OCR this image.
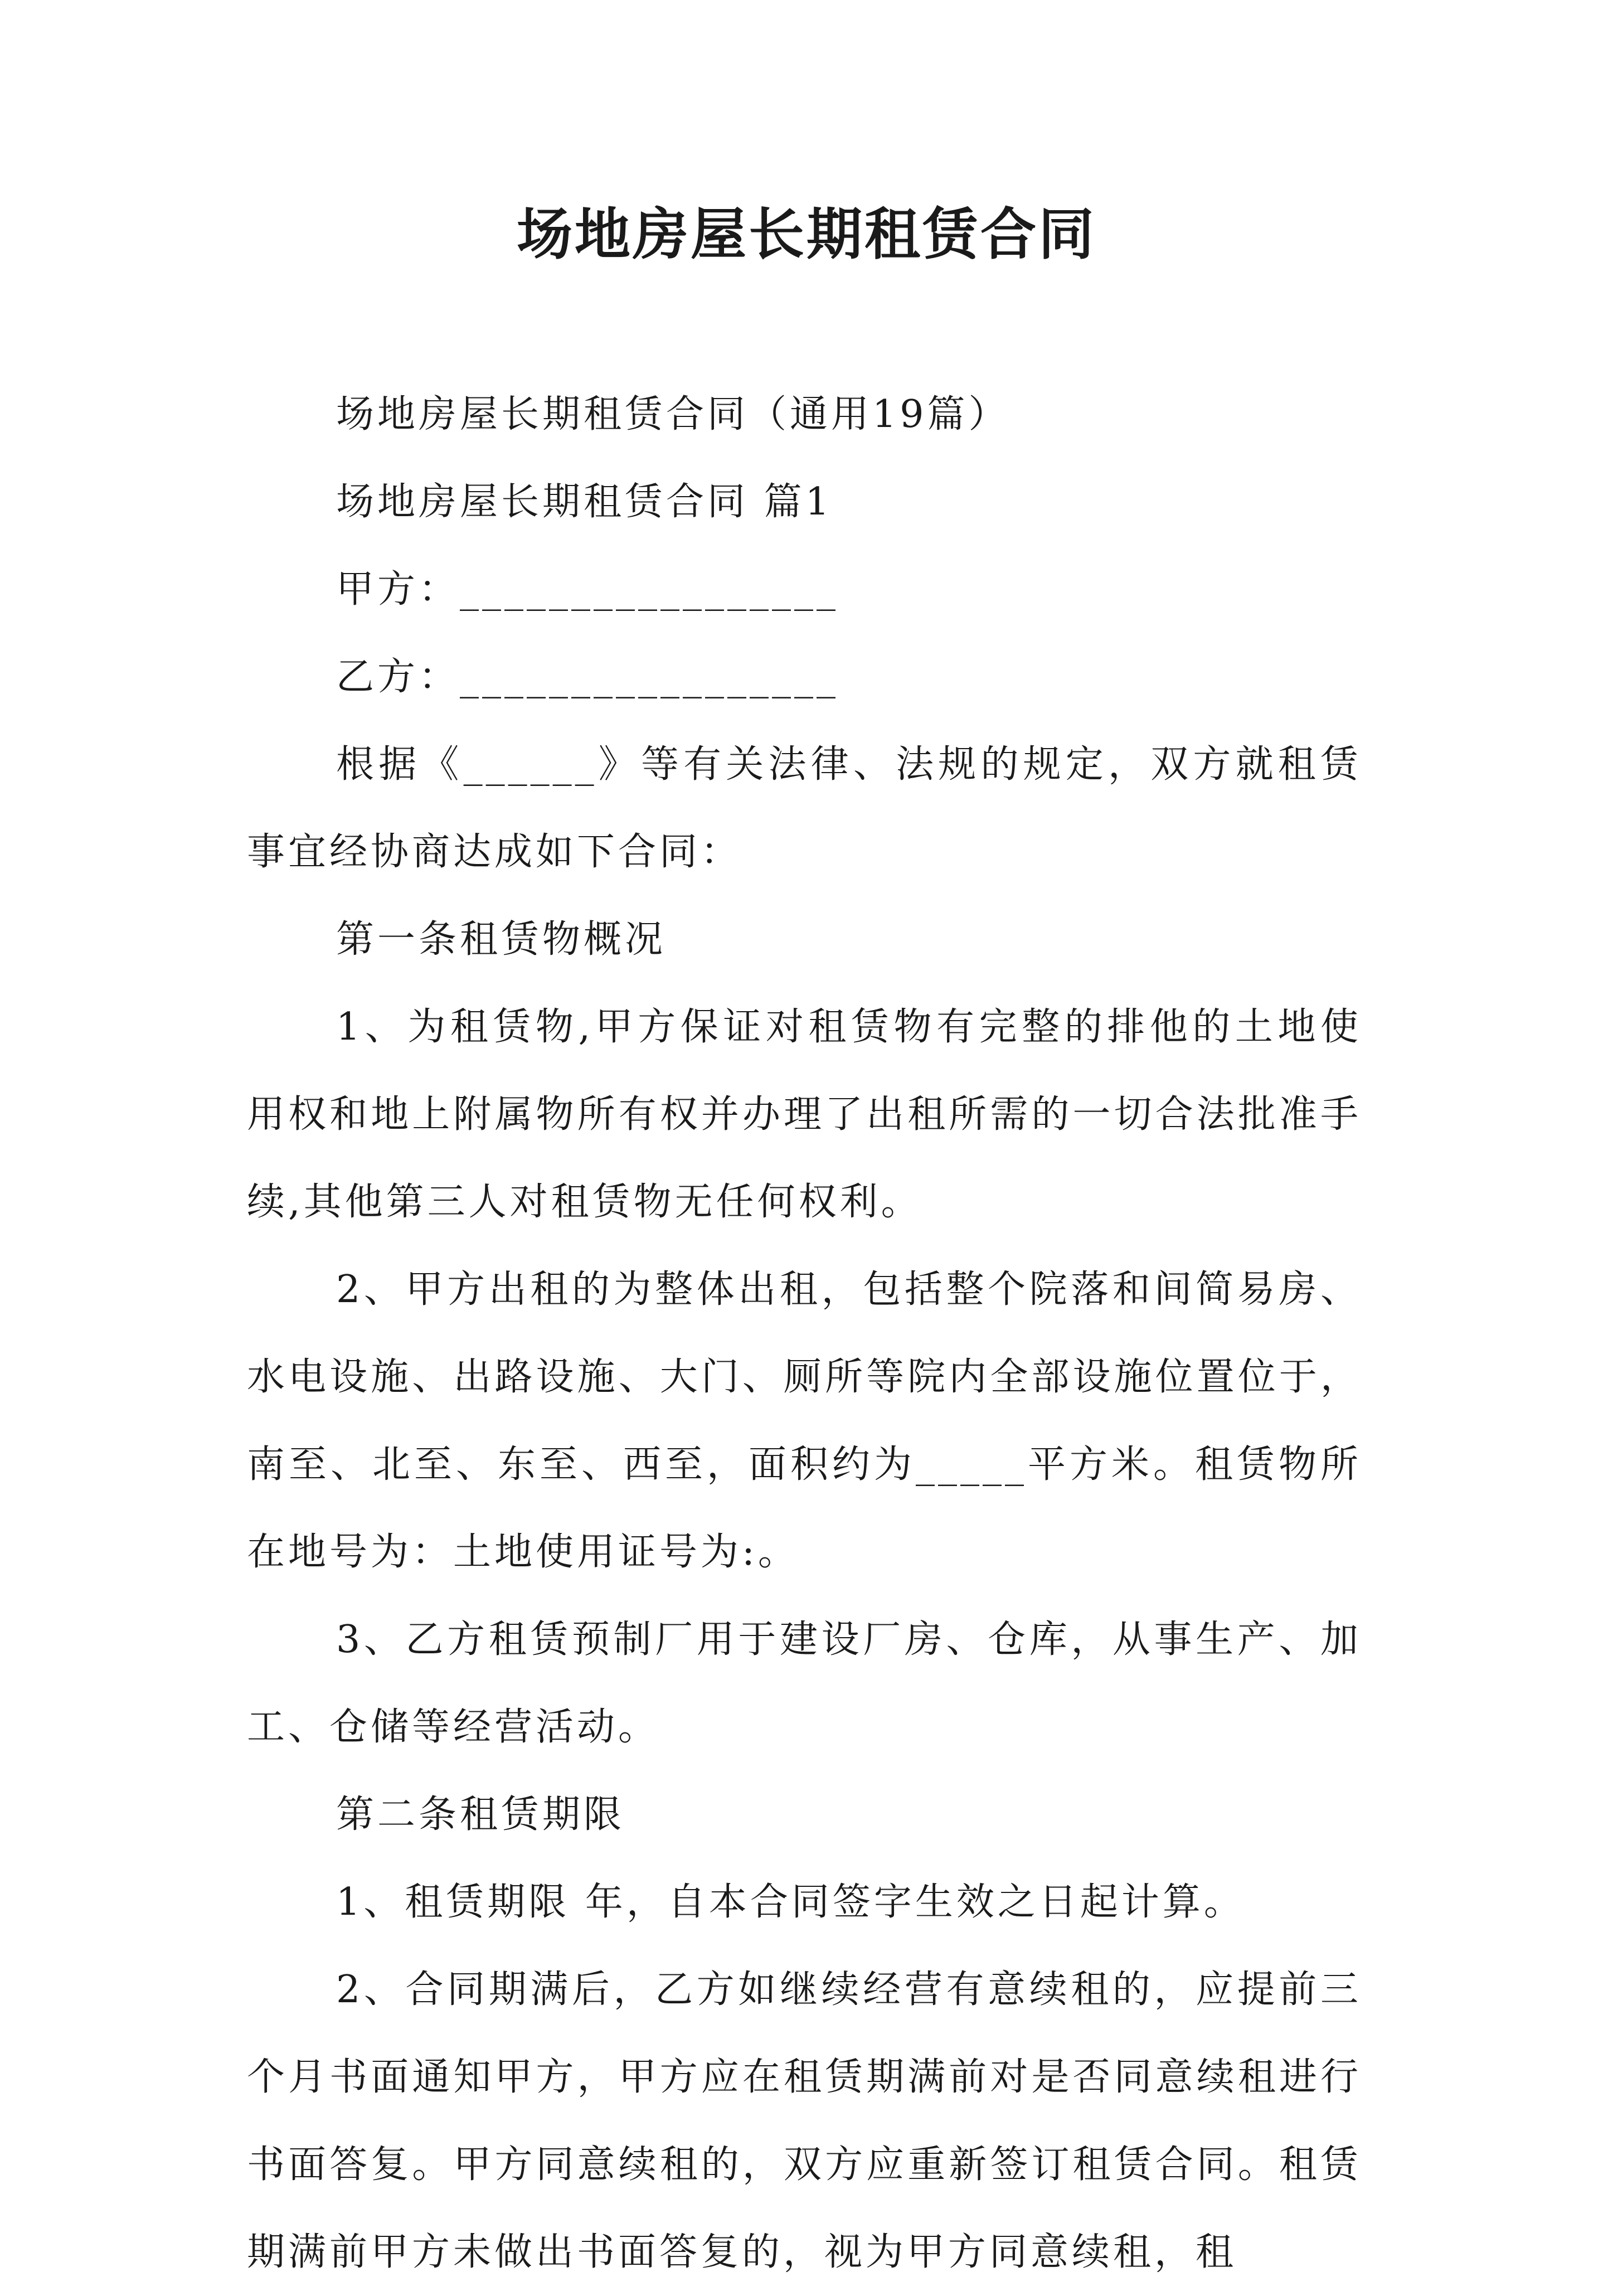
场地房屋长期租赁合同

场地房屋长期租赁合同（通用19篇）

场地房屋长期租赁合同 篇1

甲方：_________________

乙方：_________________

根据《______》等有关法律、法规的规定，双方就租赁事宜经协商达成如下合同：

第一条租赁物概况

1、为租赁物,甲方保证对租赁物有完整的排他的土地使用权和地上附属物所有权并办理了出租所需的一切合法批准手续,其他第三人对租赁物无任何权利。

2、甲方出租的为整体出租，包括整个院落和间简易房、水电设施、出路设施、大门、厕所等院内全部设施位置位于，南至、北至、东至、西至，面积约为_____平方米。租赁物所在地号为：土地使用证号为:。

3、乙方租赁预制厂用于建设厂房、仓库，从事生产、加工、仓储等经营活动。

第二条租赁期限

1、租赁期限 年，自本合同签字生效之日起计算。

2、合同期满后，乙方如继续经营有意续租的，应提前三个月书面通知甲方，甲方应在租赁期满前对是否同意续租进行书面答复。甲方同意续租的，双方应重新签订租赁合同。租赁期满前甲方未做出书面答复的，视为甲方同意续租，租
